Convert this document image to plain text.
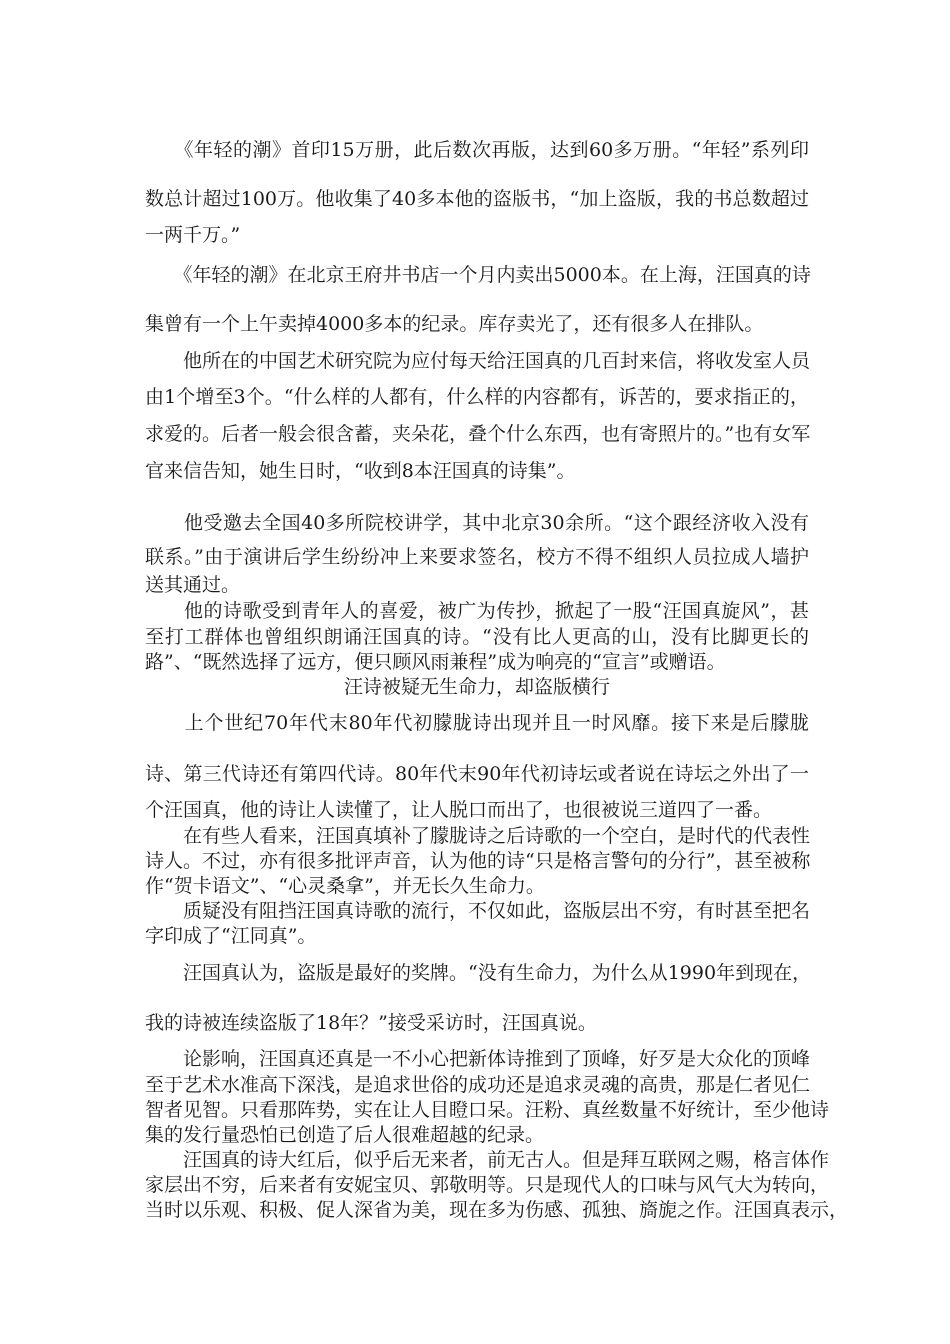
　　《年轻的潮》首印15万册，此后数次再版，达到60多万册。“年轻”系列印
数总计超过100万。他收集了40多本他的盗版书，“加上盗版，我的书总数超过
一两千万。”
　　《年轻的潮》在北京王府井书店一个月内卖出5000本。在上海，汪国真的诗
集曾有一个上午卖掉4000多本的纪录。库存卖光了，还有很多人在排队。
　　他所在的中国艺术研究院为应付每天给汪国真的几百封来信，将收发室人员
由1个增至3个。“什么样的人都有，什么样的内容都有，诉苦的，要求指正的，
求爱的。后者一般会很含蓄，夹朵花，叠个什么东西，也有寄照片的。”也有女军
官来信告知，她生日时，“收到8本汪国真的诗集”。
　　他受邀去全国40多所院校讲学，其中北京30余所。“这个跟经济收入没有
联系。”由于演讲后学生纷纷冲上来要求签名，校方不得不组织人员拉成人墙护
送其通过。
　　他的诗歌受到青年人的喜爱，被广为传抄，掀起了一股“汪国真旋风”，甚
至打工群体也曾组织朗诵汪国真的诗。“没有比人更高的山，没有比脚更长的
路”、“既然选择了远方，便只顾风雨兼程”成为响亮的“宣言”或赠语。
汪诗被疑无生命力，却盗版横行
　　上个世纪70年代末80年代初朦胧诗出现并且一时风靡。接下来是后朦胧
诗、第三代诗还有第四代诗。80年代末90年代初诗坛或者说在诗坛之外出了一
个汪国真，他的诗让人读懂了，让人脱口而出了，也很被说三道四了一番。
　　在有些人看来，汪国真填补了朦胧诗之后诗歌的一个空白，是时代的代表性
诗人。不过，亦有很多批评声音，认为他的诗“只是格言警句的分行”，甚至被称
作“贺卡语文”、“心灵桑拿”，并无长久生命力。
　　质疑没有阻挡汪国真诗歌的流行，不仅如此，盗版层出不穷，有时甚至把名
字印成了“江同真”。
　　汪国真认为，盗版是最好的奖牌。“没有生命力，为什么从1990年到现在，
我的诗被连续盗版了18年？”接受采访时，汪国真说。
　　论影响，汪国真还真是一不小心把新体诗推到了顶峰，好歹是大众化的顶峰
至于艺术水准高下深浅，是追求世俗的成功还是追求灵魂的高贵，那是仁者见仁
智者见智。只看那阵势，实在让人目瞪口呆。汪粉、真丝数量不好统计，至少他诗
集的发行量恐怕已创造了后人很难超越的纪录。
　　汪国真的诗大红后，似乎后无来者，前无古人。但是拜互联网之赐，格言体作
家层出不穷，后来者有安妮宝贝、郭敬明等。只是现代人的口味与风气大为转向，
当时以乐观、积极、促人深省为美，现在多为伤感、孤独、旖旎之作。汪国真表示，
